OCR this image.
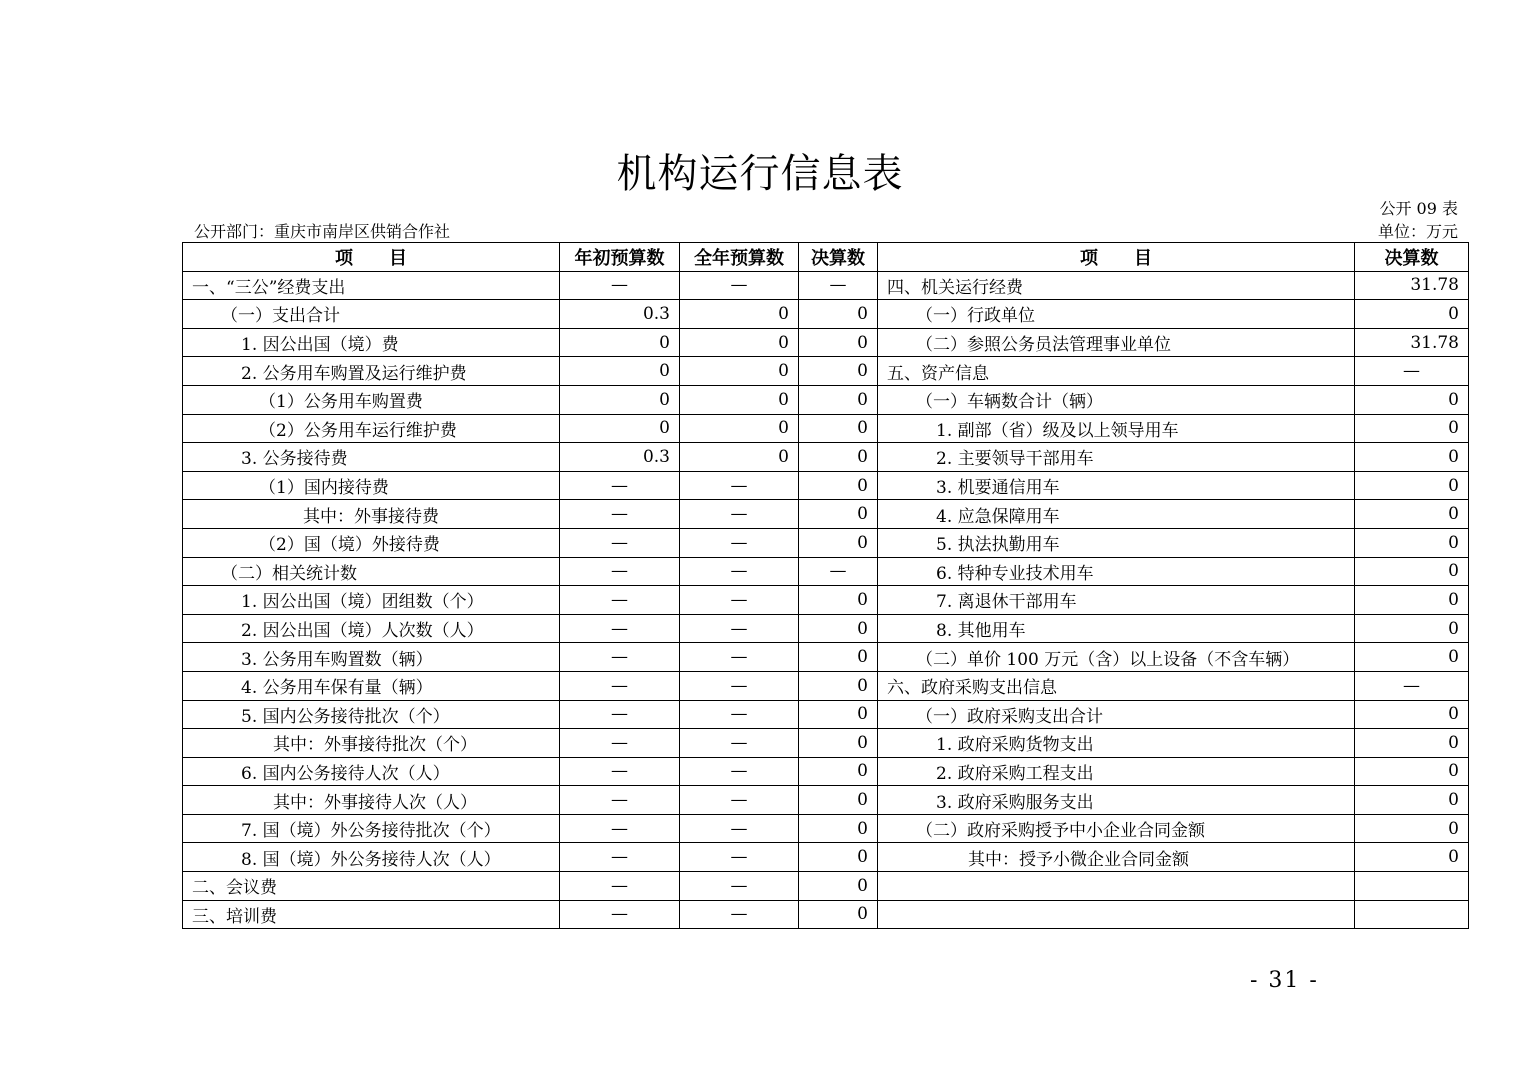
机构运行信息表
公开 09 表
公开部门：重庆市南岸区供销合作社	单位：万元
项　　目	年初预算数	全年预算数	决算数	项　　目	决算数
一、“三公”经费支出	—	—	—	四、机关运行经费	31.78
（一）支出合计	0.3	0	0	（一）行政单位	0
1. 因公出国（境）费	0	0	0	（二）参照公务员法管理事业单位	31.78
2. 公务用车购置及运行维护费	0	0	0	五、资产信息	—
（1）公务用车购置费	0	0	0	（一）车辆数合计（辆）	0
（2）公务用车运行维护费	0	0	0	1. 副部（省）级及以上领导用车	0
3. 公务接待费	0.3	0	0	2. 主要领导干部用车	0
（1）国内接待费	—	—	0	3. 机要通信用车	0
其中：外事接待费	—	—	0	4. 应急保障用车	0
（2）国（境）外接待费	—	—	0	5. 执法执勤用车	0
（二）相关统计数	—	—	—	6. 特种专业技术用车	0
1. 因公出国（境）团组数（个）	—	—	0	7. 离退休干部用车	0
2. 因公出国（境）人次数（人）	—	—	0	8. 其他用车	0
3. 公务用车购置数（辆）	—	—	0	（二）单价 100 万元（含）以上设备（不含车辆）	0
4. 公务用车保有量（辆）	—	—	0	六、政府采购支出信息	—
5. 国内公务接待批次（个）	—	—	0	（一）政府采购支出合计	0
其中：外事接待批次（个）	—	—	0	1. 政府采购货物支出	0
6. 国内公务接待人次（人）	—	—	0	2. 政府采购工程支出	0
其中：外事接待人次（人）	—	—	0	3. 政府采购服务支出	0
7. 国（境）外公务接待批次（个）	—	—	0	（二）政府采购授予中小企业合同金额	0
8. 国（境）外公务接待人次（人）	—	—	0	其中：授予小微企业合同金额	0
二、会议费	—	—	0		
三、培训费	—	—	0		
- 31 -
